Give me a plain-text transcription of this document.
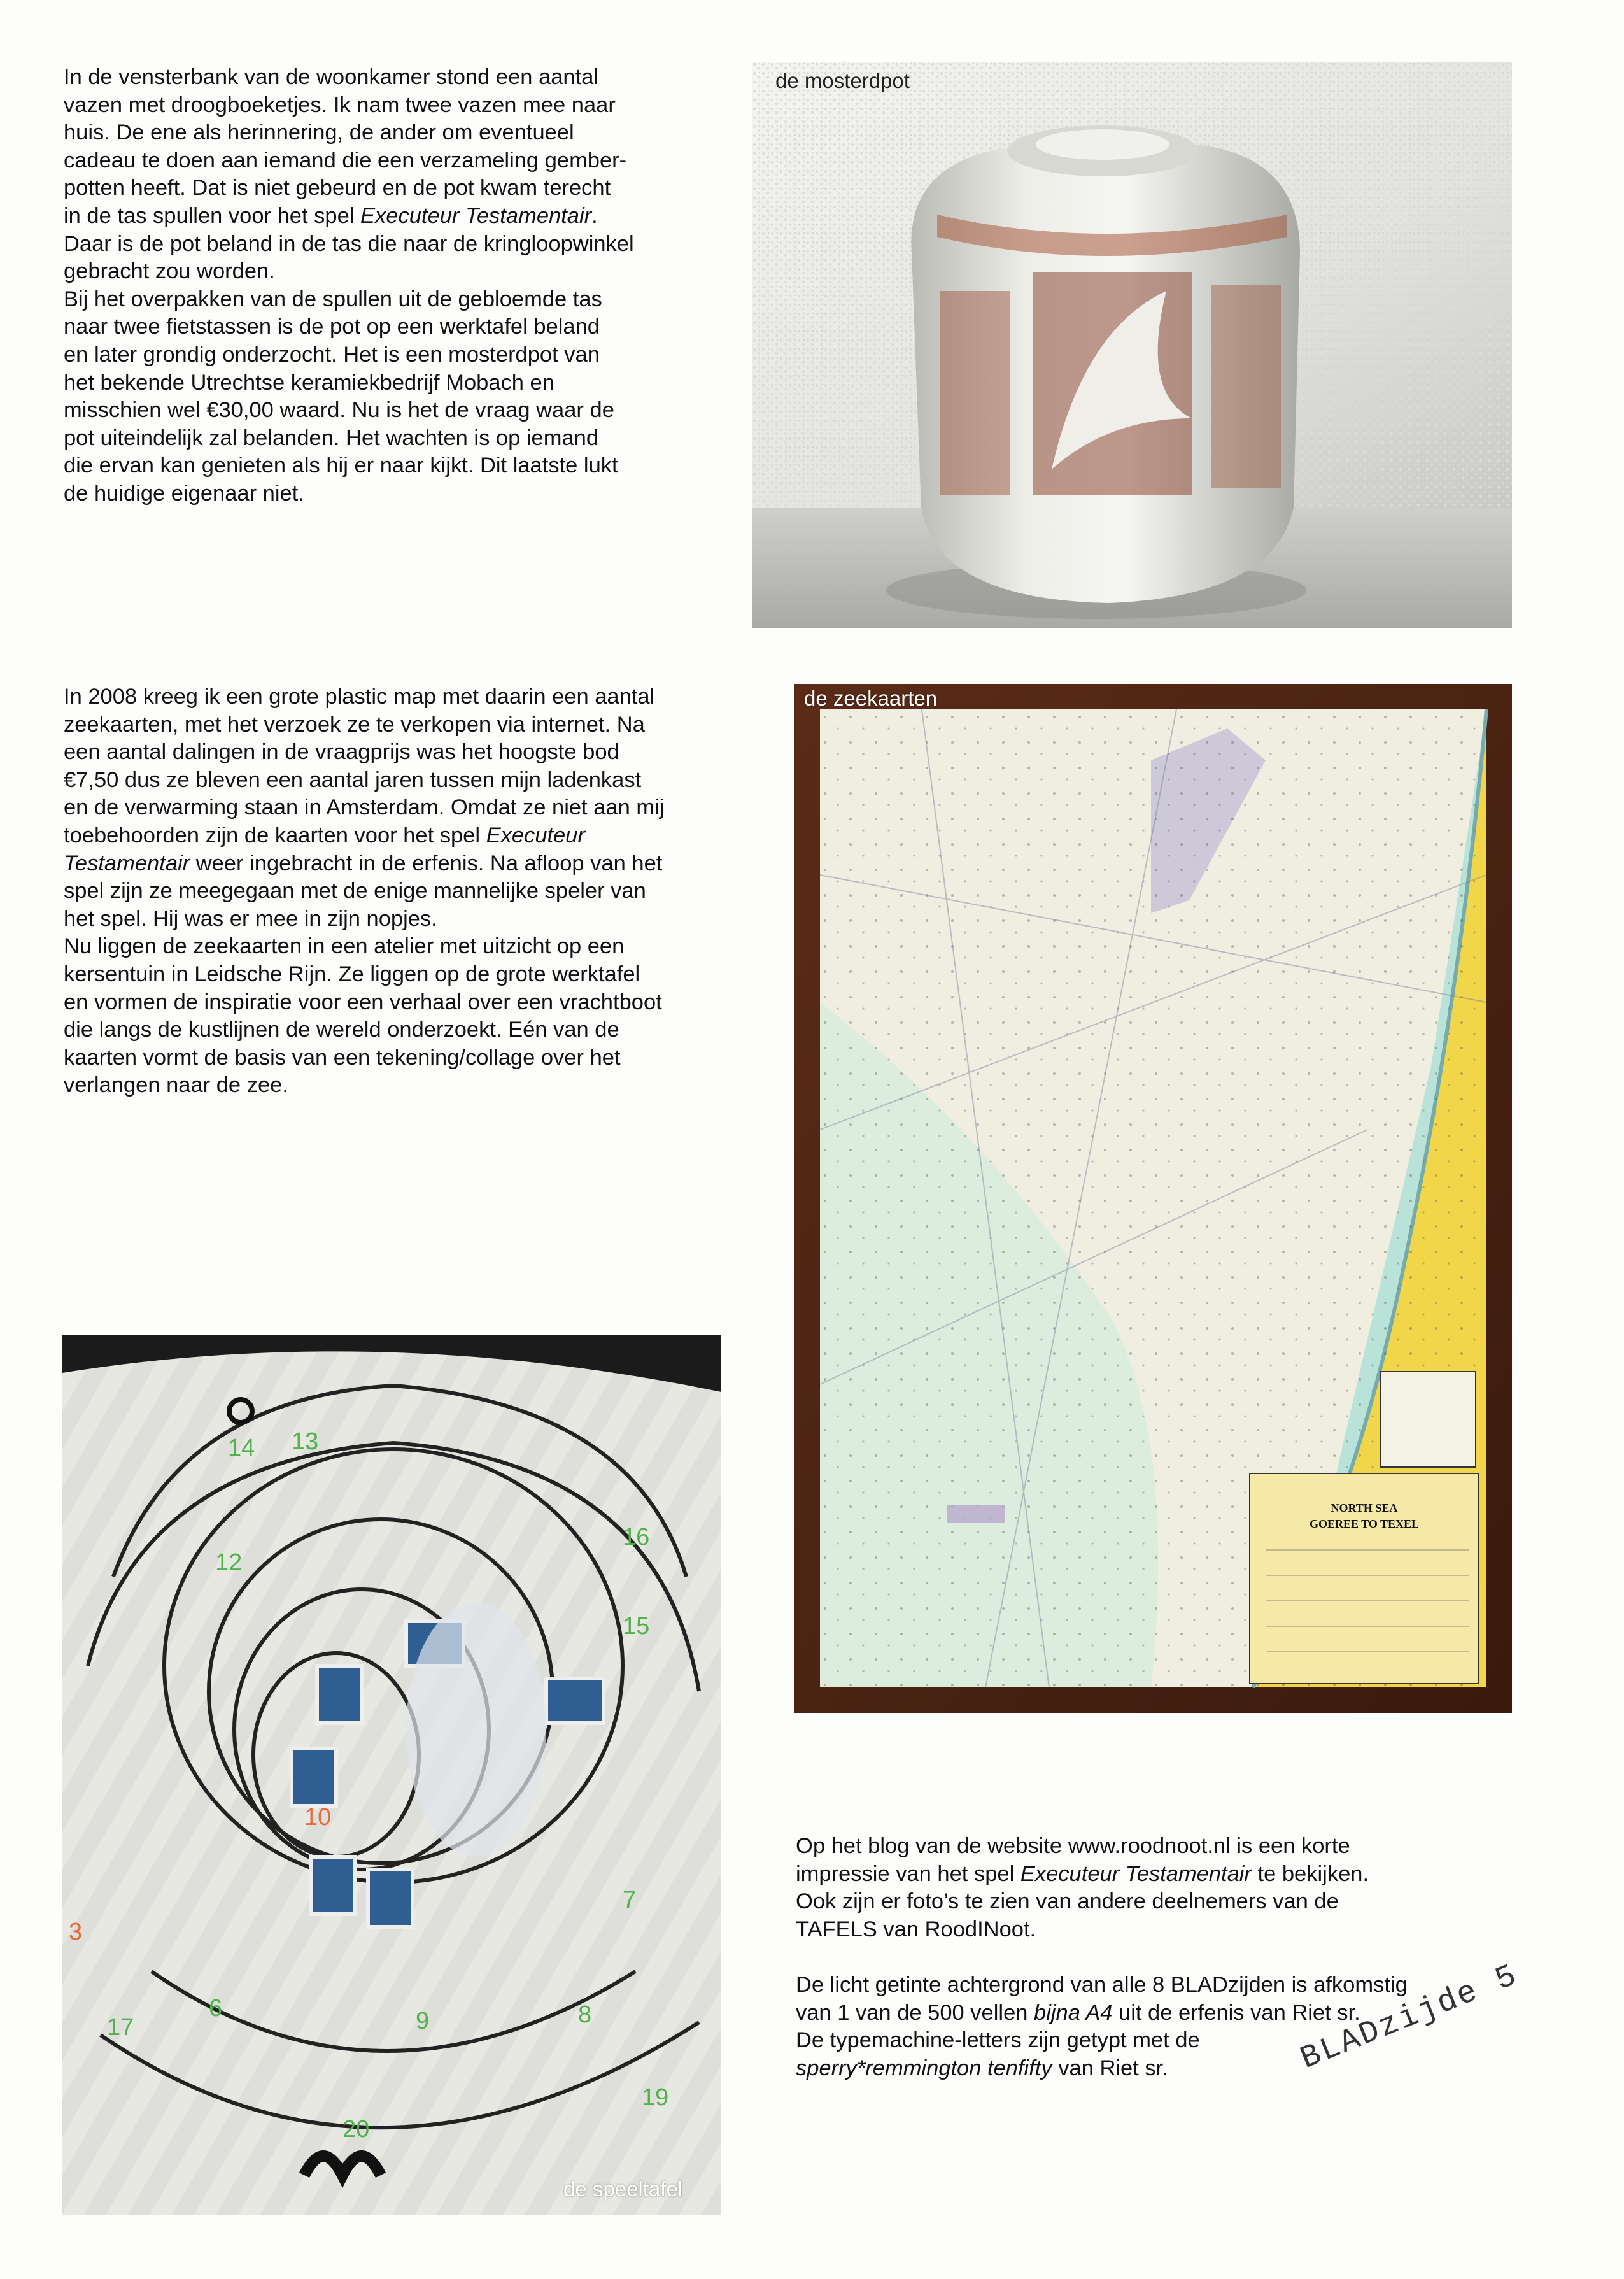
In de vensterbank van de woonkamer stond een aantal

vazen met droogboeketjes. Ik nam twee vazen mee naar

huis. De ene als herinnering, de ander om eventueel

cadeau te doen aan iemand die een verzameling gember-

potten heeft. Dat is niet gebeurd en de pot kwam terecht

in de tas spullen voor het spel Executeur Testamentair.

Daar is de pot beland in de tas die naar de kringloopwinkel

gebracht zou worden.

Bij het overpakken van de spullen uit de gebloemde tas

naar twee fietstassen is de pot op een werktafel beland

en later grondig onderzocht. Het is een mosterdpot van

het bekende Utrechtse keramiekbedrijf Mobach en

misschien wel €30,00 waard. Nu is het de vraag waar de

pot uiteindelijk zal belanden. Het wachten is op iemand

die ervan kan genieten als hij er naar kijkt. Dit laatste lukt

de huidige eigenaar niet.

de mosterdpot

In 2008 kreeg ik een grote plastic map met daarin een aantal

zeekaarten, met het verzoek ze te verkopen via internet. Na

een aantal dalingen in de vraagprijs was het hoogste bod

€7,50 dus ze bleven een aantal jaren tussen mijn ladenkast

en de verwarming staan in Amsterdam. Omdat ze niet aan mij

toebehoorden zijn de kaarten voor het spel Executeur

Testamentair weer ingebracht in de erfenis. Na afloop van het

spel zijn ze meegegaan met de enige mannelijke speler van

het spel. Hij was er mee in zijn nopjes.

Nu liggen de zeekaarten in een atelier met uitzicht op een

kersentuin in Leidsche Rijn. Ze liggen op de grote werktafel

en vormen de inspiratie voor een verhaal over een vrachtboot

die langs de kustlijnen de wereld onderzoekt. Eén van de

kaarten vormt de basis van een tekening/collage over het

verlangen naar de zee.

NORTH SEA
GOEREE TO TEXEL
de zeekaarten
10
9	8
7
6
20
19
17
16
15
13
14
12
3
de speeltafel

Op het blog van de website www.roodnoot.nl is een korte

impressie van het spel Executeur Testamentair te bekijken.

Ook zijn er foto’s te zien van andere deelnemers van de

TAFELS van RoodINoot.

De licht getinte achtergrond van alle 8 BLADzijden is afkomstig

van 1 van de 500 vellen bijna A4 uit de erfenis van Riet sr.

De typemachine-letters zijn getypt met de

sperry*remmington tenfifty van Riet sr.	BLADzijde 5
